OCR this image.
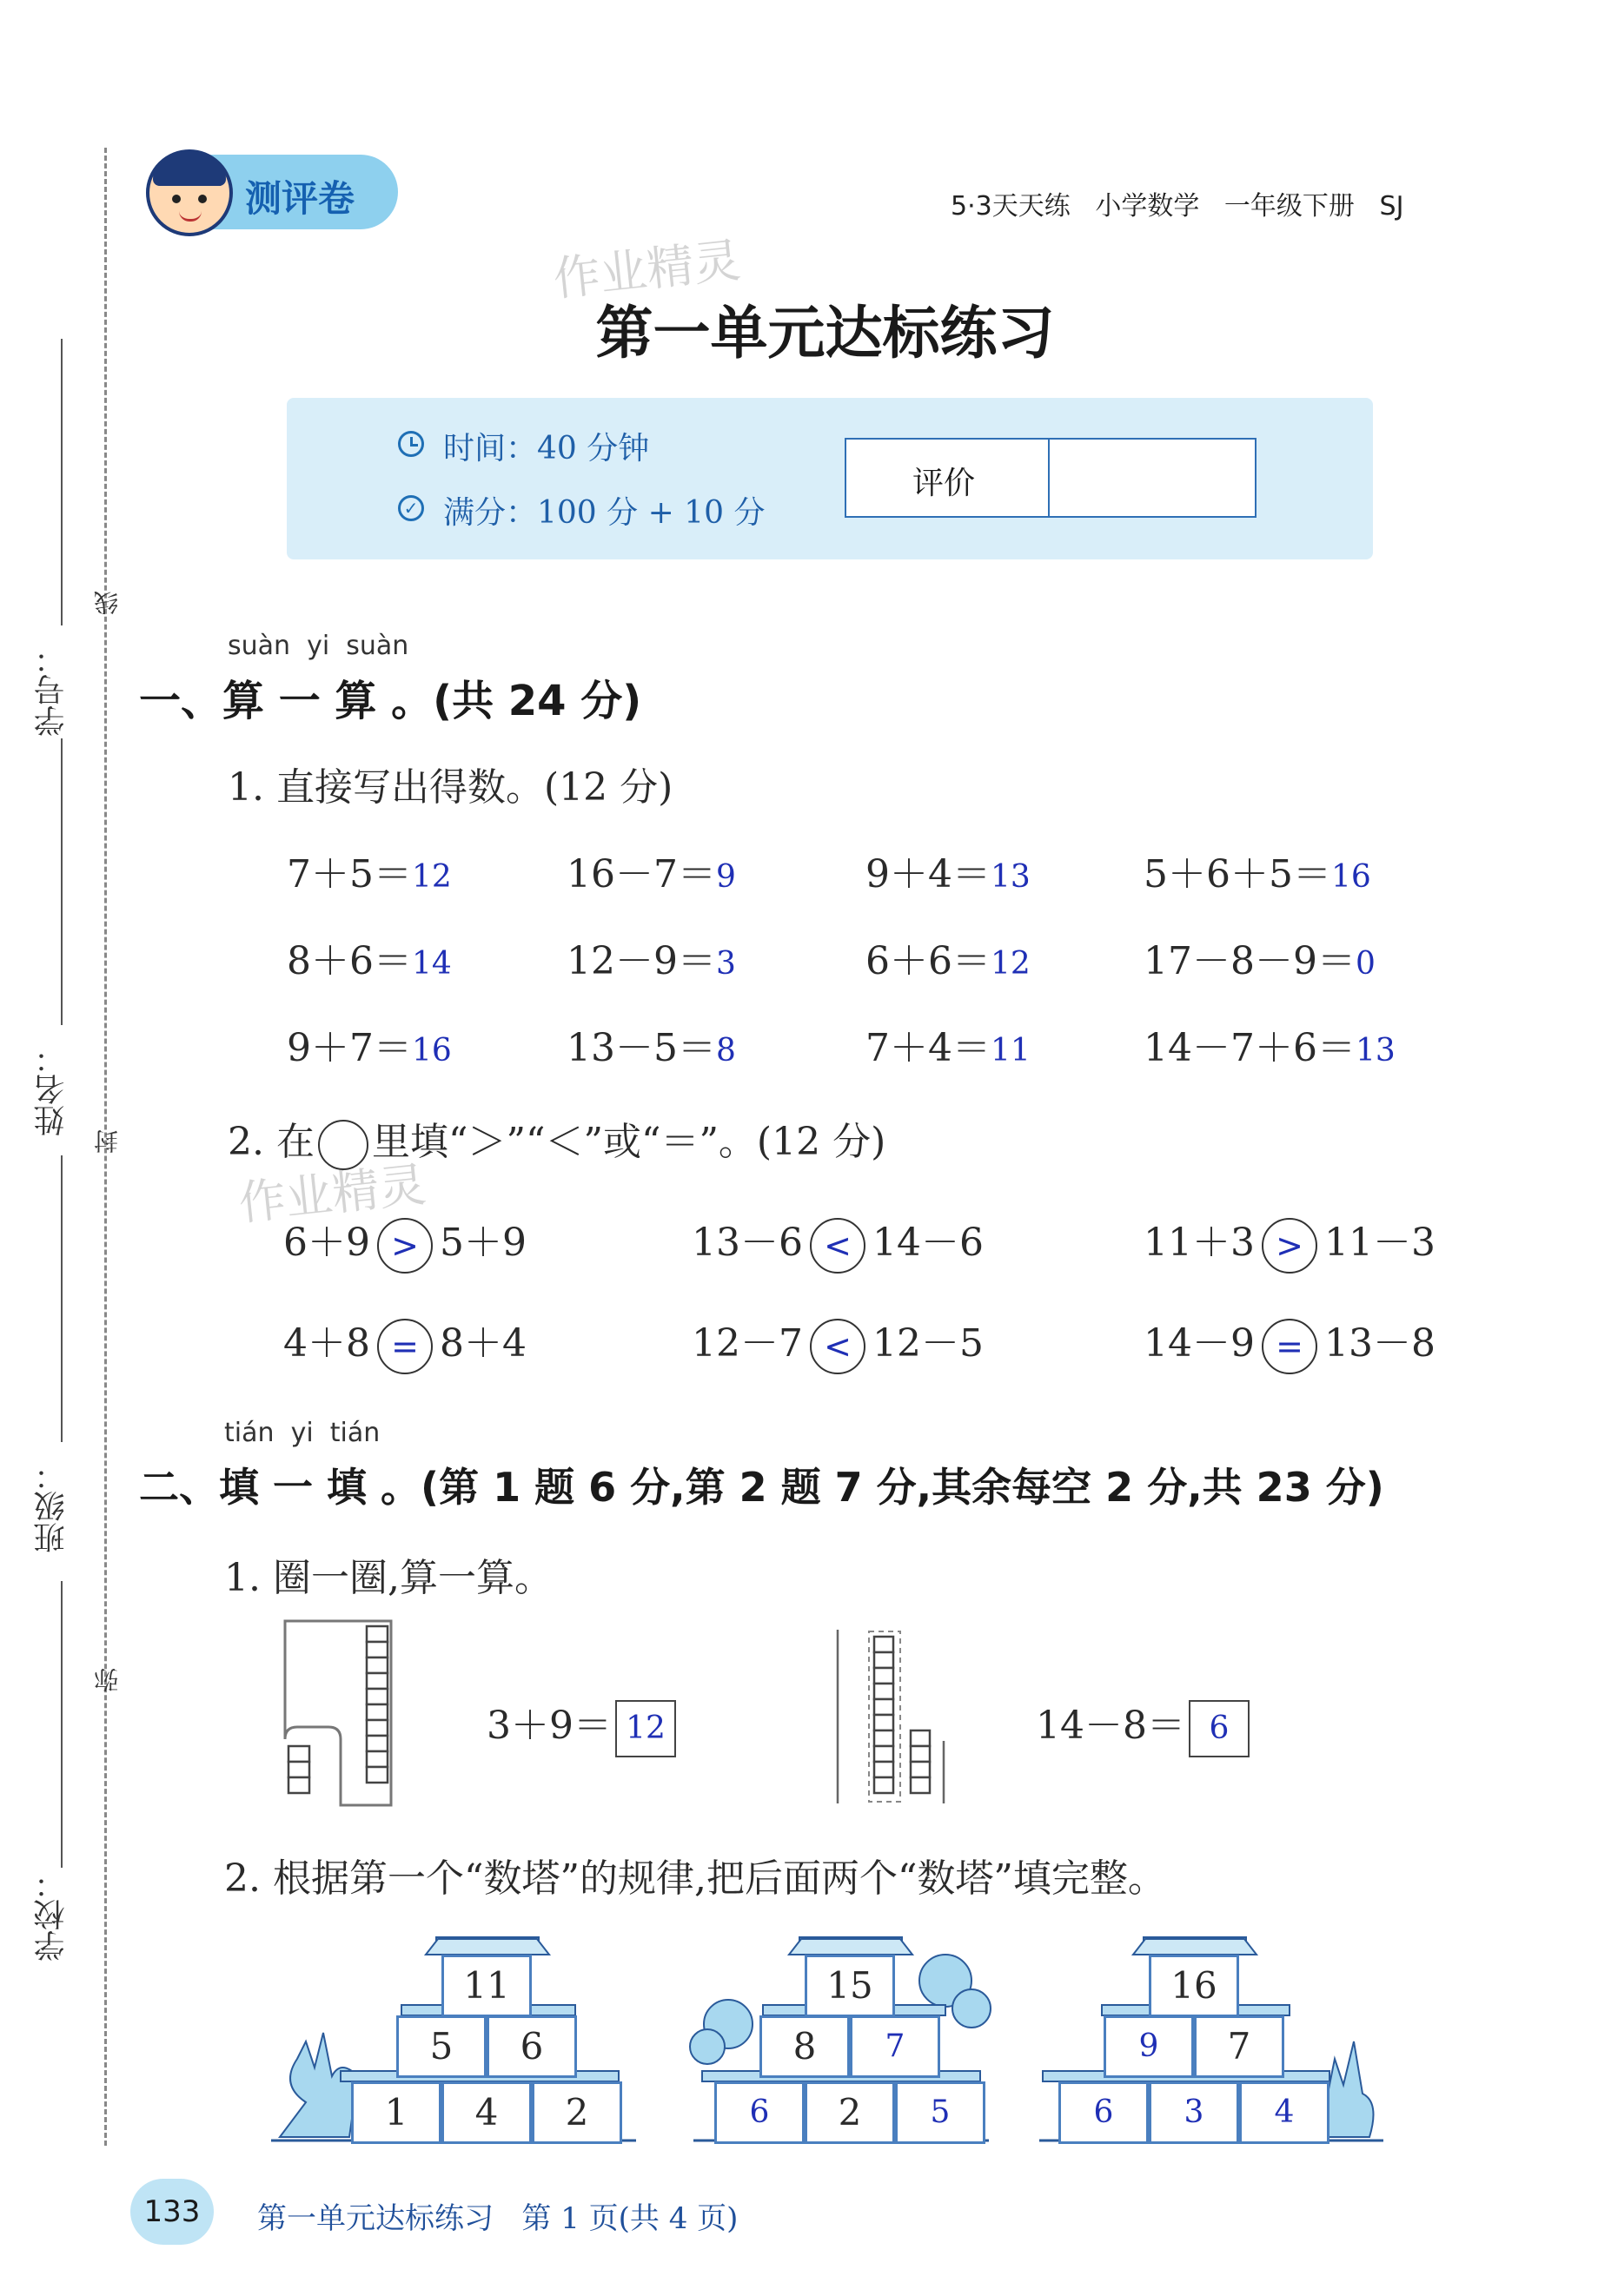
线
封
弥
学号：
姓名：
班级：
学校：
测评卷	5·3天天练   小学数学   一年级下册   SJ
作业精灵
作业精灵
第一单元达标练习
时间：40 分钟
✓ 满分：100 分 + 10 分
评价
suàn  yi  suàn
一、算 一 算 。(共 24 分)
1. 直接写出得数。(12 分)
7＋5＝12	16－7＝9	9＋4＝13	5＋6＋5＝16
8＋6＝14	12－9＝3	6＋6＝12	17－8－9＝0
9＋7＝16	13－5＝8	7＋4＝11	14－7＋6＝13
2. 在 里填“＞”“＜”或“＝”。(12 分)
6＋9 > 5＋9	13－6 < 14－6	11＋3 > 11－3
4＋8 = 8＋4	12－7 < 12－5	14－9 = 13－8
tián  yi  tián
二、填 一 填 。(第 1 题 6 分,第 2 题 7 分,其余每空 2 分,共 23 分)
1. 圈一圈,算一算。
3＋9＝ 12	14－8＝ 6
2. 根据第一个“数塔”的规律,把后面两个“数塔”填完整。
11
5	6
1	4	2
15
8	7
6	2	5
16
9	7
6	3	4
133	第一单元达标练习   第 1 页(共 4 页)
